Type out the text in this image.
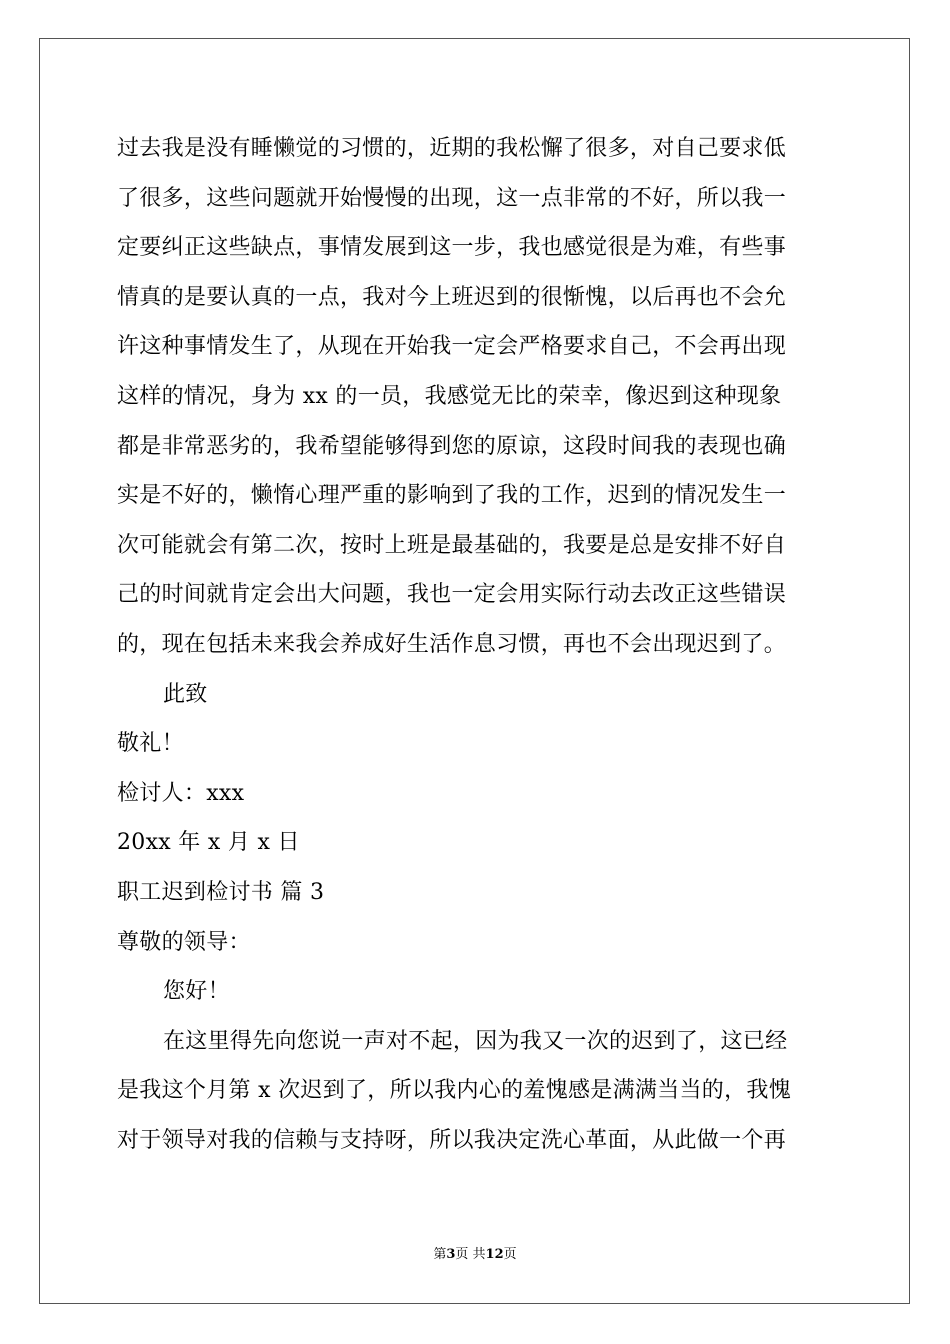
过去我是没有睡懒觉的习惯的，近期的我松懈了很多，对自己要求低
了很多，这些问题就开始慢慢的出现，这一点非常的不好，所以我一
定要纠正这些缺点，事情发展到这一步，我也感觉很是为难，有些事
情真的是要认真的一点，我对今上班迟到的很惭愧，以后再也不会允
许这种事情发生了，从现在开始我一定会严格要求自己，不会再出现
这样的情况，身为 xx 的一员，我感觉无比的荣幸，像迟到这种现象
都是非常恶劣的，我希望能够得到您的原谅，这段时间我的表现也确
实是不好的，懒惰心理严重的影响到了我的工作，迟到的情况发生一
次可能就会有第二次，按时上班是最基础的，我要是总是安排不好自
己的时间就肯定会出大问题，我也一定会用实际行动去改正这些错误
的，现在包括未来我会养成好生活作息习惯，再也不会出现迟到了。
此致
敬礼！
检讨人：xxx
20xx 年 x 月 x 日
职工迟到检讨书 篇 3
尊敬的领导：
您好！
在这里得先向您说一声对不起，因为我又一次的迟到了，这已经
是我这个月第 x 次迟到了，所以我内心的羞愧感是满满当当的，我愧
对于领导对我的信赖与支持呀，所以我决定洗心革面，从此做一个再
第3页 共12页
